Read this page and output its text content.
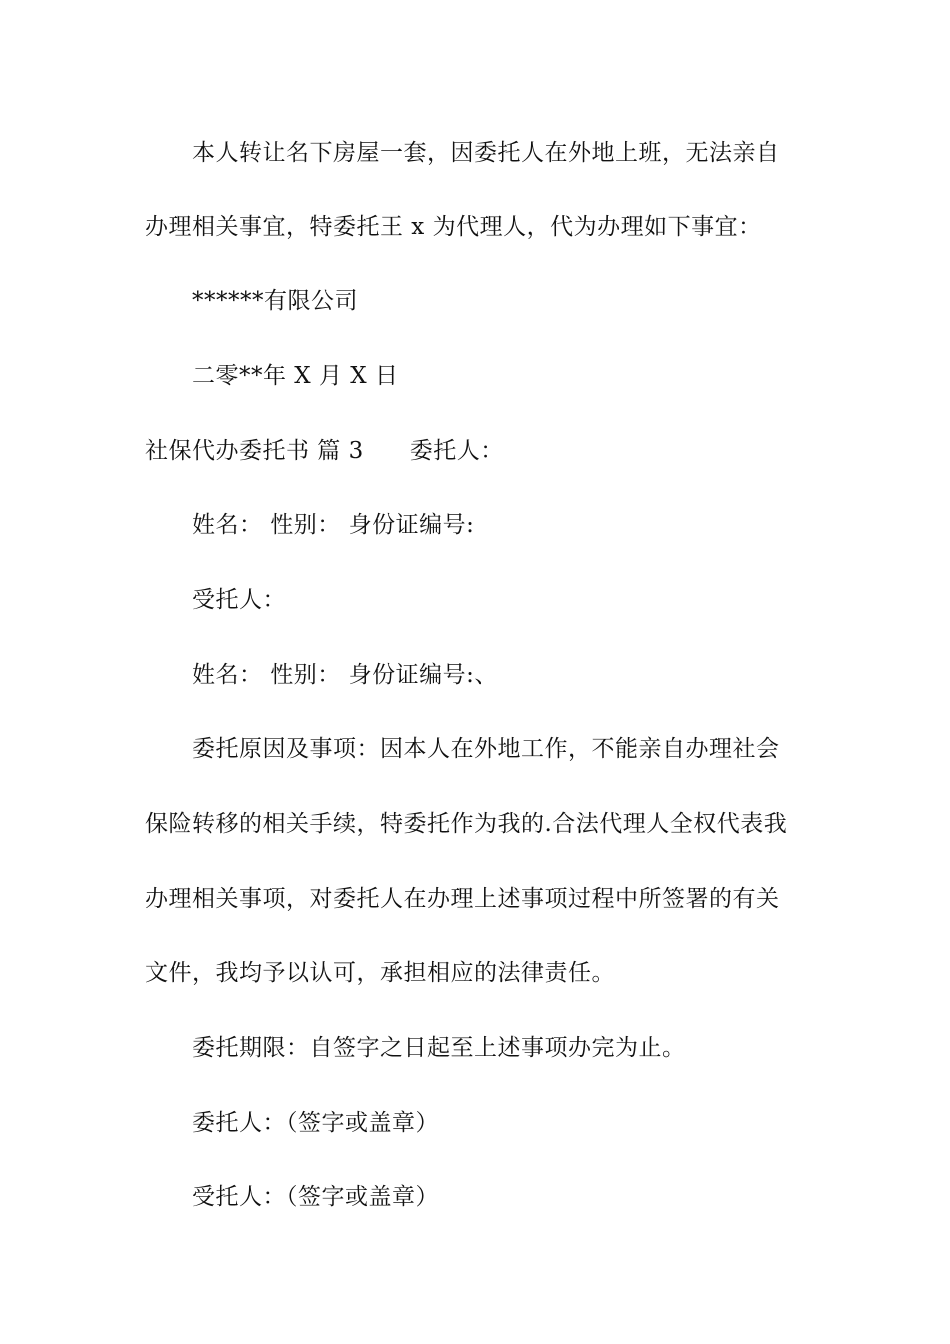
本人转让名下房屋一套，因委托人在外地上班，无法亲自
办理相关事宜，特委托王 x 为代理人，代为办理如下事宜：
******有限公司
二零**年 X 月 X 日
社保代办委托书 篇 3 委托人：
姓名： 性别： 身份证编号:
受托人：
姓名： 性别： 身份证编号:、
委托原因及事项：因本人在外地工作，不能亲自办理社会
保险转移的相关手续，特委托作为我的.合法代理人全权代表我
办理相关事项，对委托人在办理上述事项过程中所签署的有关
文件，我均予以认可，承担相应的法律责任。
委托期限：自签字之日起至上述事项办完为止。
委托人：（签字或盖章）
受托人：（签字或盖章）
